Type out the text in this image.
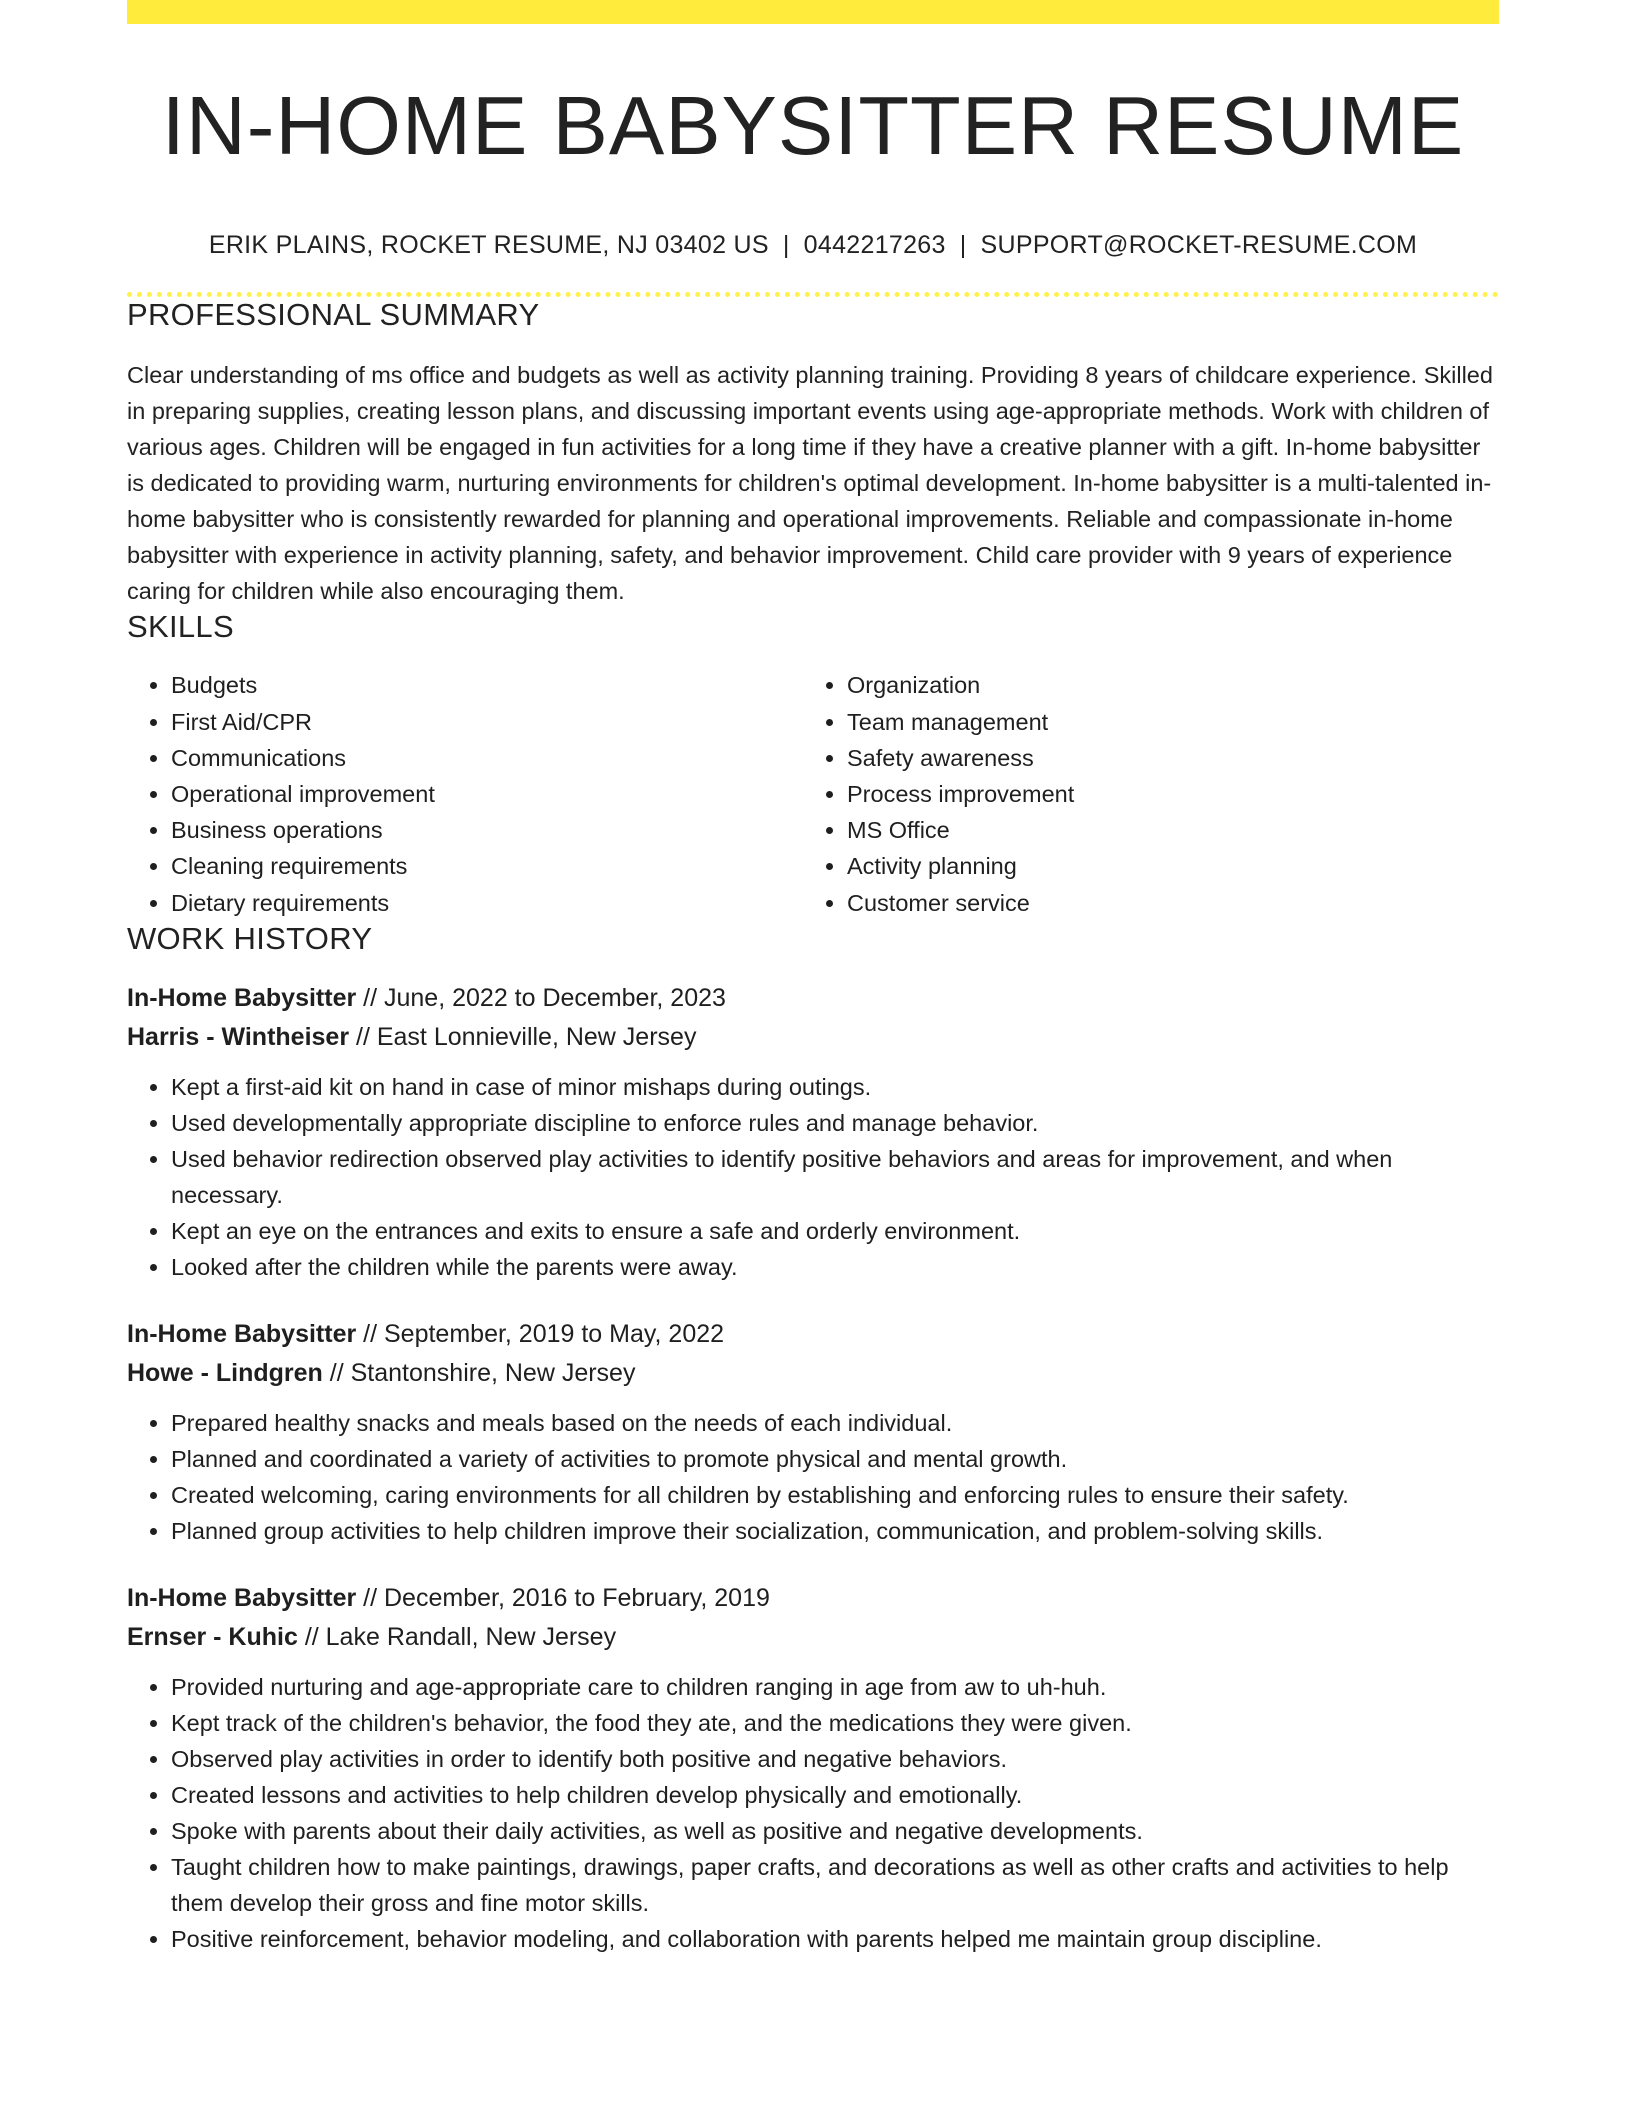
IN-HOME BABYSITTER RESUME
ERIK PLAINS, ROCKET RESUME, NJ 03402 US | 0442217263 | SUPPORT@ROCKET-RESUME.COM
PROFESSIONAL SUMMARY
Clear understanding of ms office and budgets as well as activity planning training. Providing 8 years of childcare experience. Skilled in preparing supplies, creating lesson plans, and discussing important events using age-appropriate methods. Work with children of various ages. Children will be engaged in fun activities for a long time if they have a creative planner with a gift. In-home babysitter is dedicated to providing warm, nurturing environments for children's optimal development. In-home babysitter is a multi-talented in-home babysitter who is consistently rewarded for planning and operational improvements. Reliable and compassionate in-home babysitter with experience in activity planning, safety, and behavior improvement. Child care provider with 9 years of experience caring for children while also encouraging them.
SKILLS
• Budgets
• First Aid/CPR
• Communications
• Operational improvement
• Business operations
• Cleaning requirements
• Dietary requirements
• Organization
• Team management
• Safety awareness
• Process improvement
• MS Office
• Activity planning
• Customer service
WORK HISTORY
In-Home Babysitter // June, 2022 to December, 2023
Harris - Wintheiser // East Lonnieville, New Jersey
• Kept a first-aid kit on hand in case of minor mishaps during outings.
• Used developmentally appropriate discipline to enforce rules and manage behavior.
• Used behavior redirection observed play activities to identify positive behaviors and areas for improvement, and when necessary.
• Kept an eye on the entrances and exits to ensure a safe and orderly environment.
• Looked after the children while the parents were away.
In-Home Babysitter // September, 2019 to May, 2022
Howe - Lindgren // Stantonshire, New Jersey
• Prepared healthy snacks and meals based on the needs of each individual.
• Planned and coordinated a variety of activities to promote physical and mental growth.
• Created welcoming, caring environments for all children by establishing and enforcing rules to ensure their safety.
• Planned group activities to help children improve their socialization, communication, and problem-solving skills.
In-Home Babysitter // December, 2016 to February, 2019
Ernser - Kuhic // Lake Randall, New Jersey
• Provided nurturing and age-appropriate care to children ranging in age from aw to uh-huh.
• Kept track of the children's behavior, the food they ate, and the medications they were given.
• Observed play activities in order to identify both positive and negative behaviors.
• Created lessons and activities to help children develop physically and emotionally.
• Spoke with parents about their daily activities, as well as positive and negative developments.
• Taught children how to make paintings, drawings, paper crafts, and decorations as well as other crafts and activities to help them develop their gross and fine motor skills.
• Positive reinforcement, behavior modeling, and collaboration with parents helped me maintain group discipline.
